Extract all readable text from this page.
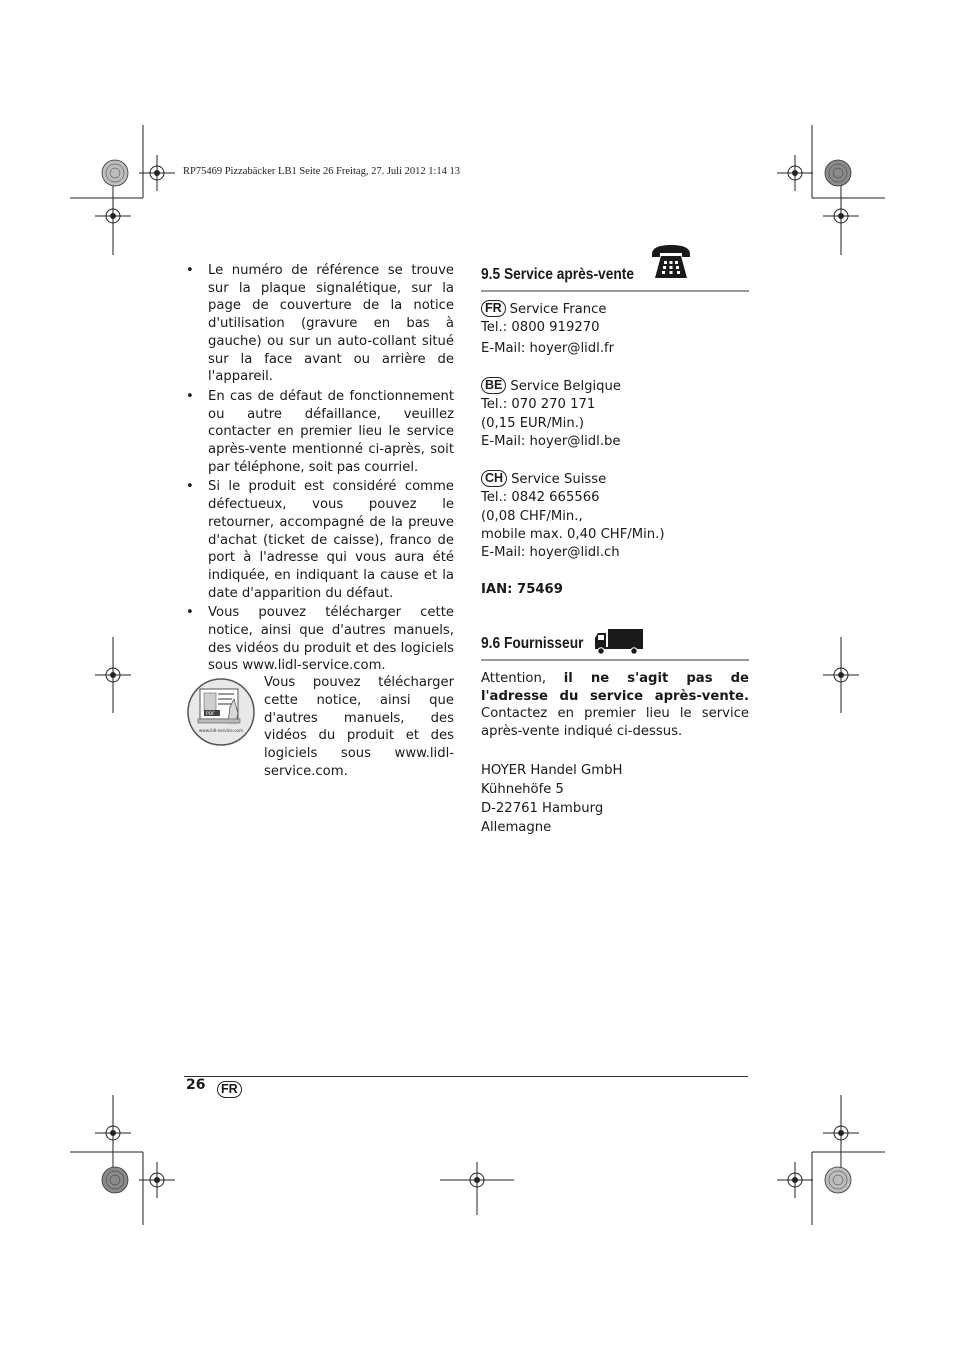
RP75469 Pizzabäcker LB1 Seite 26 Freitag, 27. Juli 2012 1:14 13
• Le numéro de référence se trouve sur la plaque signalétique, sur la page de couverture de la notice d'utilisation (gravure en bas à gauche) ou sur un auto-collant situé sur la face avant ou arrière de l'appareil.
• En cas de défaut de fonctionnement ou autre défaillance, veuillez contacter en premier lieu le service après-vente mentionné ci-après, soit par téléphone, soit pas courriel.
• Si le produit est considéré comme défectueux, vous pouvez le retourner, accompagné de la preuve d'achat (ticket de caisse), franco de port à l'adresse qui vous aura été indiquée, en indiquant la cause et la date d'apparition du défaut.
• Vous pouvez télécharger cette notice, ainsi que d'autres manuels, des vidéos du produit et des logiciels sous www.lidl-service.com.
PDF
www.lidl-service.com
Vous pouvez télécharger cette notice, ainsi que d'autres manuels, des vidéos du produit et des logiciels sous www.lidl-service.com.
9.5 Service après-vente
FR Service France
Tel.: 0800 919270
E-Mail: hoyer@lidl.fr
BE Service Belgique
Tel.: 070 270 171
(0,15 EUR/Min.)
E-Mail: hoyer@lidl.be
CH Service Suisse
Tel.: 0842 665566
(0,08 CHF/Min.,
mobile max. 0,40 CHF/Min.)
E-Mail: hoyer@lidl.ch
IAN: 75469
9.6 Fournisseur
Attention, il ne s'agit pas de l'adresse du service après-vente. Contactez en premier lieu le service après-vente indiqué ci-dessus.
HOYER Handel GmbH
Kühnehöfe 5
D-22761 Hamburg
Allemagne
26	FR
